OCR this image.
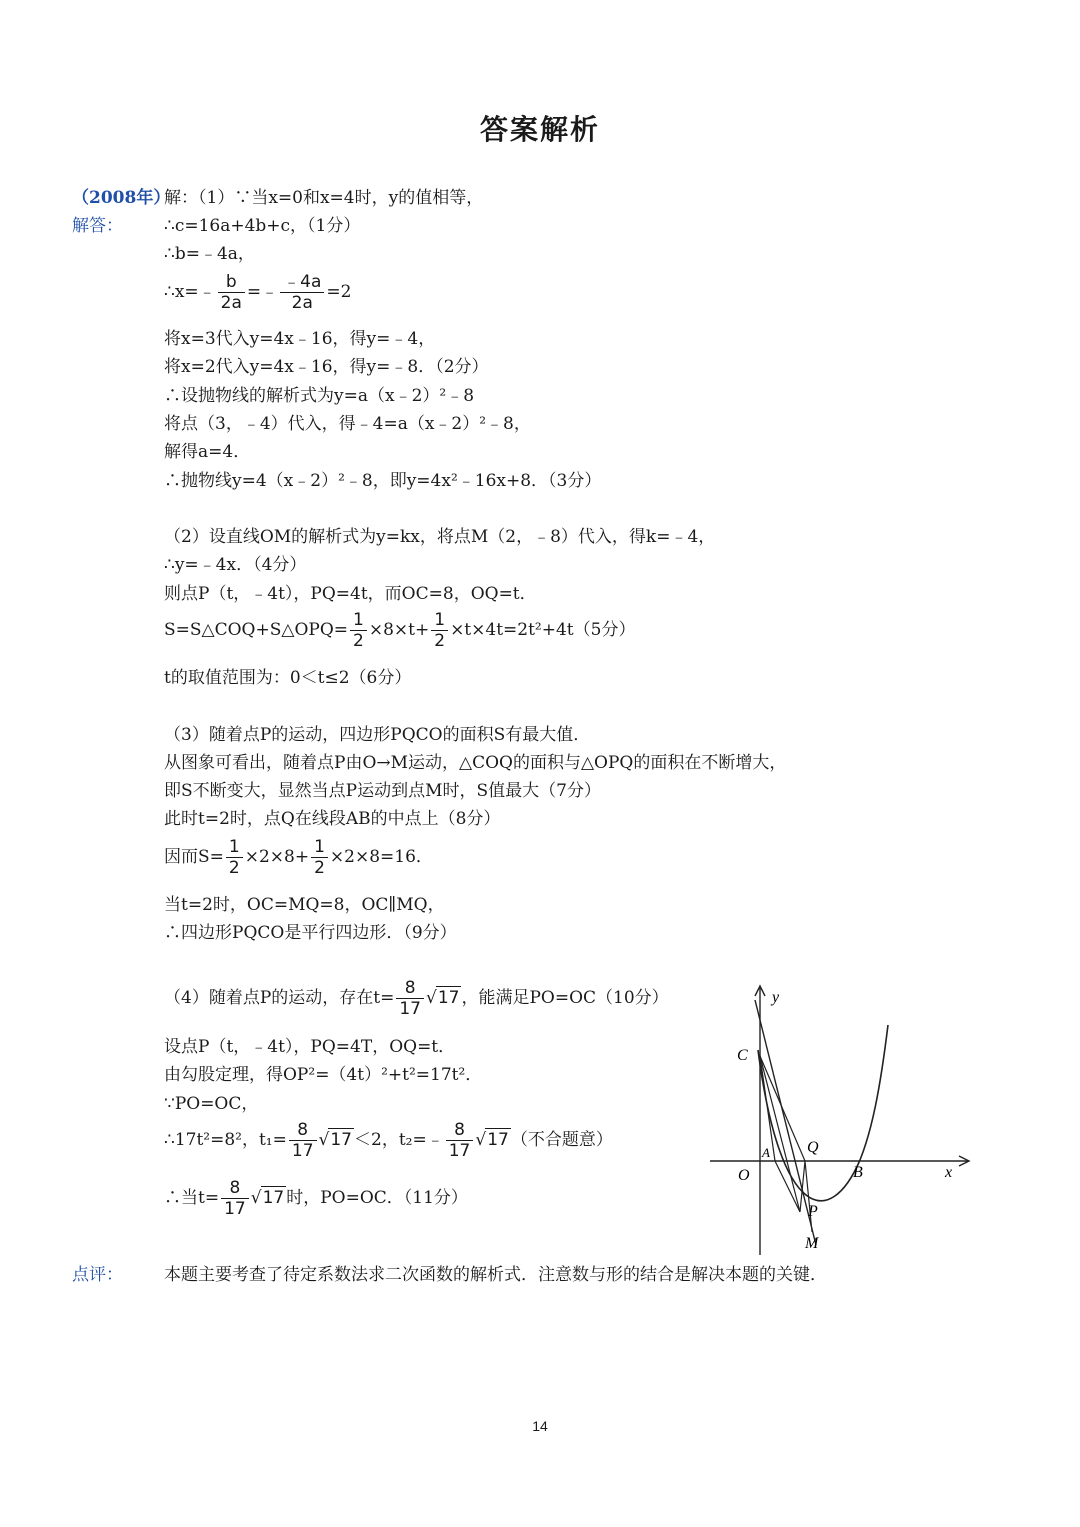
答案解析
（2008年）
解：（1）∵当x=0和x=4时，y的值相等，
解答： ∴c=16a+4b+c，（1分）
∴b=﹣4a，
∴x=﹣ $\frac{b}{2a}$ =﹣ $\frac{﹣4a}{2a} =2$
将x=3代入y=4x﹣16，得y=﹣4，
将x=2代入y=4x﹣16，得y=﹣8．（2分）
∴设抛物线的解析式为y=a（x﹣2）²﹣8
将点（3，﹣4）代入，得﹣4=a（x﹣2）²﹣8，
解得a=4．
∴抛物线y=4（x﹣2）²﹣8，即y=4x²﹣16x+8．（3分）
（2）设直线OM的解析式为y=kx，将点M（2，﹣8）代入，得k=﹣4，
∴y=﹣4x．（4分）
则点P（t，﹣4t），PQ=4t，而OC=8，OQ=t．
S=S△COQ+S△OPQ= $\frac{1}{2} \times 8\times t+ \frac{1}{2} \times t\times 4t=2t^2+4t(5$分）
t的取值范围为：0＜t≤2（6分）
（3）随着点P的运动，四边形PQCO的面积S有最大值．
从图象可看出，随着点P由O→M运动，△COQ的面积与△OPQ的面积在不断增大，
即S不断变大，显然当点P运动到点M时，S值最大（7分）
此时t=2时，点Q在线段AB的中点上（8分）
因而$S= \frac{1}{2} \times 2\times 8+ \frac{1}{2} \times 2\times 8=16$．
当t=2时，OC=MQ=8，OC∥MQ，
∴四边形PQCO是平行四边形．（9分）
（4）随着点P的运动，存在$t= \frac{8}{17} √17$ ，能满足PO=OC（10分）
设点P（t，﹣4t），PQ=4T，OQ=t．
由勾股定理，得OP²=（4t）²+t²=17t²．
∵PO=OC，
∴17t²=8²，$t_1= \frac{8}{17} √17 <2$，t₂=﹣ $\frac{8}{17} √17$ （不合题意）
∴当$t= \frac{8}{17} √17$ 时，PO=OC．（11分）
y
C
A Q
O	B	x
P
M
点评： 本题主要考查了待定系数法求二次函数的解析式．注意数与形的结合是解决本题的关键．
14
